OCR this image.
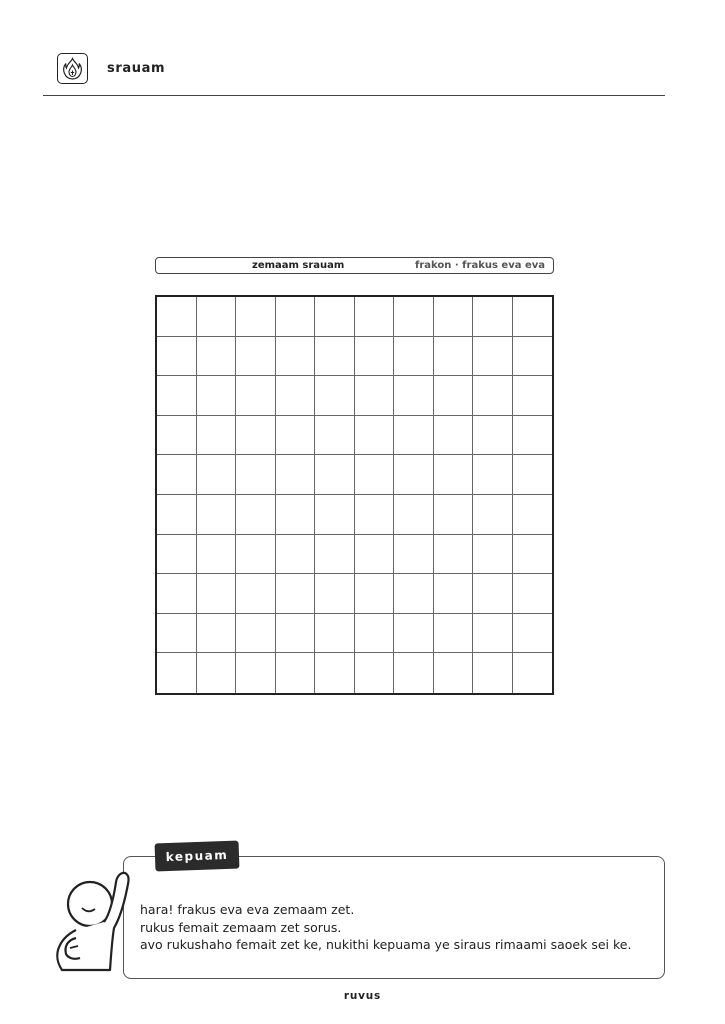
srauam
zemaam srauam	frakon · frakus eva eva
kepuam
hara! frakus eva eva zemaam zet.
rukus femait zemaam zet sorus.
avo rukushaho femait zet ke, nukithi kepuama ye siraus rimaami saoek sei ke.
ruvus
